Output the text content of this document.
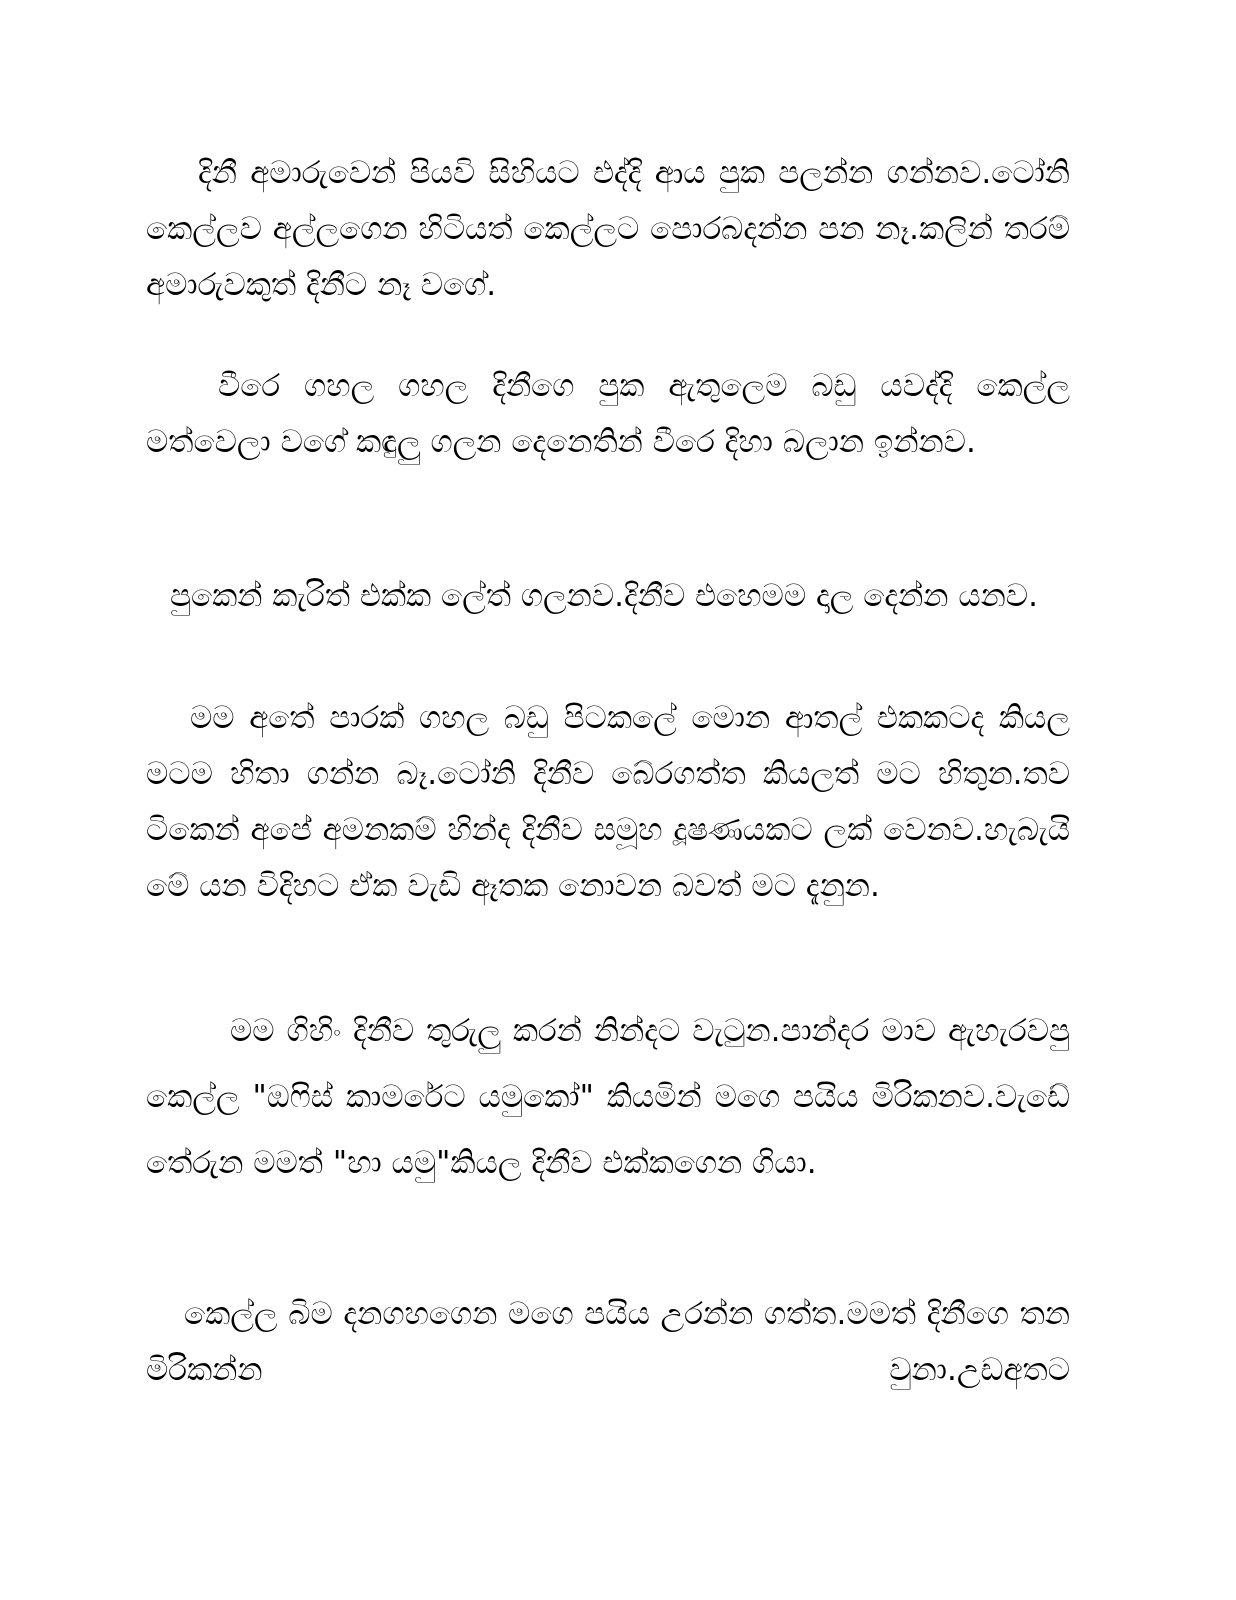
දිනී අමාරුවෙන් පියවි සිහියට එද්දි ආය පුක පලන්න ගන්නව.ටෝනි කෙල්ලව අල්ලගෙන හිටියත් කෙල්ලට පොරබදන්න පන නෑ.කලින් තරම් අමාරුවකුත් දිනීට නෑ වගේ.

වීරෙ ගහල ගහල දිනීගෙ පුක ඇතුලෙම බඩු යවද්දි කෙල්ල මත්වෙලා වගේ කඳුලු ගලන දෙනෙතින් වීරෙ දිහා බලාන ඉන්නව.

පුකෙන් කැරිත් එක්ක ලේත් ගලනව.දිනීව එහෙමම දාල දෙන්න යනව.

මම අතේ පාරක් ගහල බඩු පිටකලේ මොන ආතල් එකකටද කියල මටම හිතා ගන්න බෑ.ටෝනි දිනීව බේරගත්ත කියලත් මට හිතුන.තව ටිකෙන් අපේ අමනකම් හින්ද දිනීව සමූහ දූෂණයකට ලක් වෙනව.හැබැයි මේ යන විදිහට ඒක වැඩි ඈතක නොවන බවත් මට දැනුන.

මම ගිහිං දිනීව තුරුලු කරන් නින්දට වැටුන.පාන්දර මාව ඇහැරවපු කෙල්ල "ඔෆිස් කාමරේට යමුකෝ" කියමින් මගෙ පයිය මිරිකනව.වැඩේ තේරුන මමත් "හා යමු"කියල දිනීව එක්කගෙන ගියා.

කෙල්ල බිම දනගහගෙන මගෙ පයිය උරන්න ගත්ත.මමත් දිනීගෙ තන මිරිකන්න වුනා.උඩඅතට
